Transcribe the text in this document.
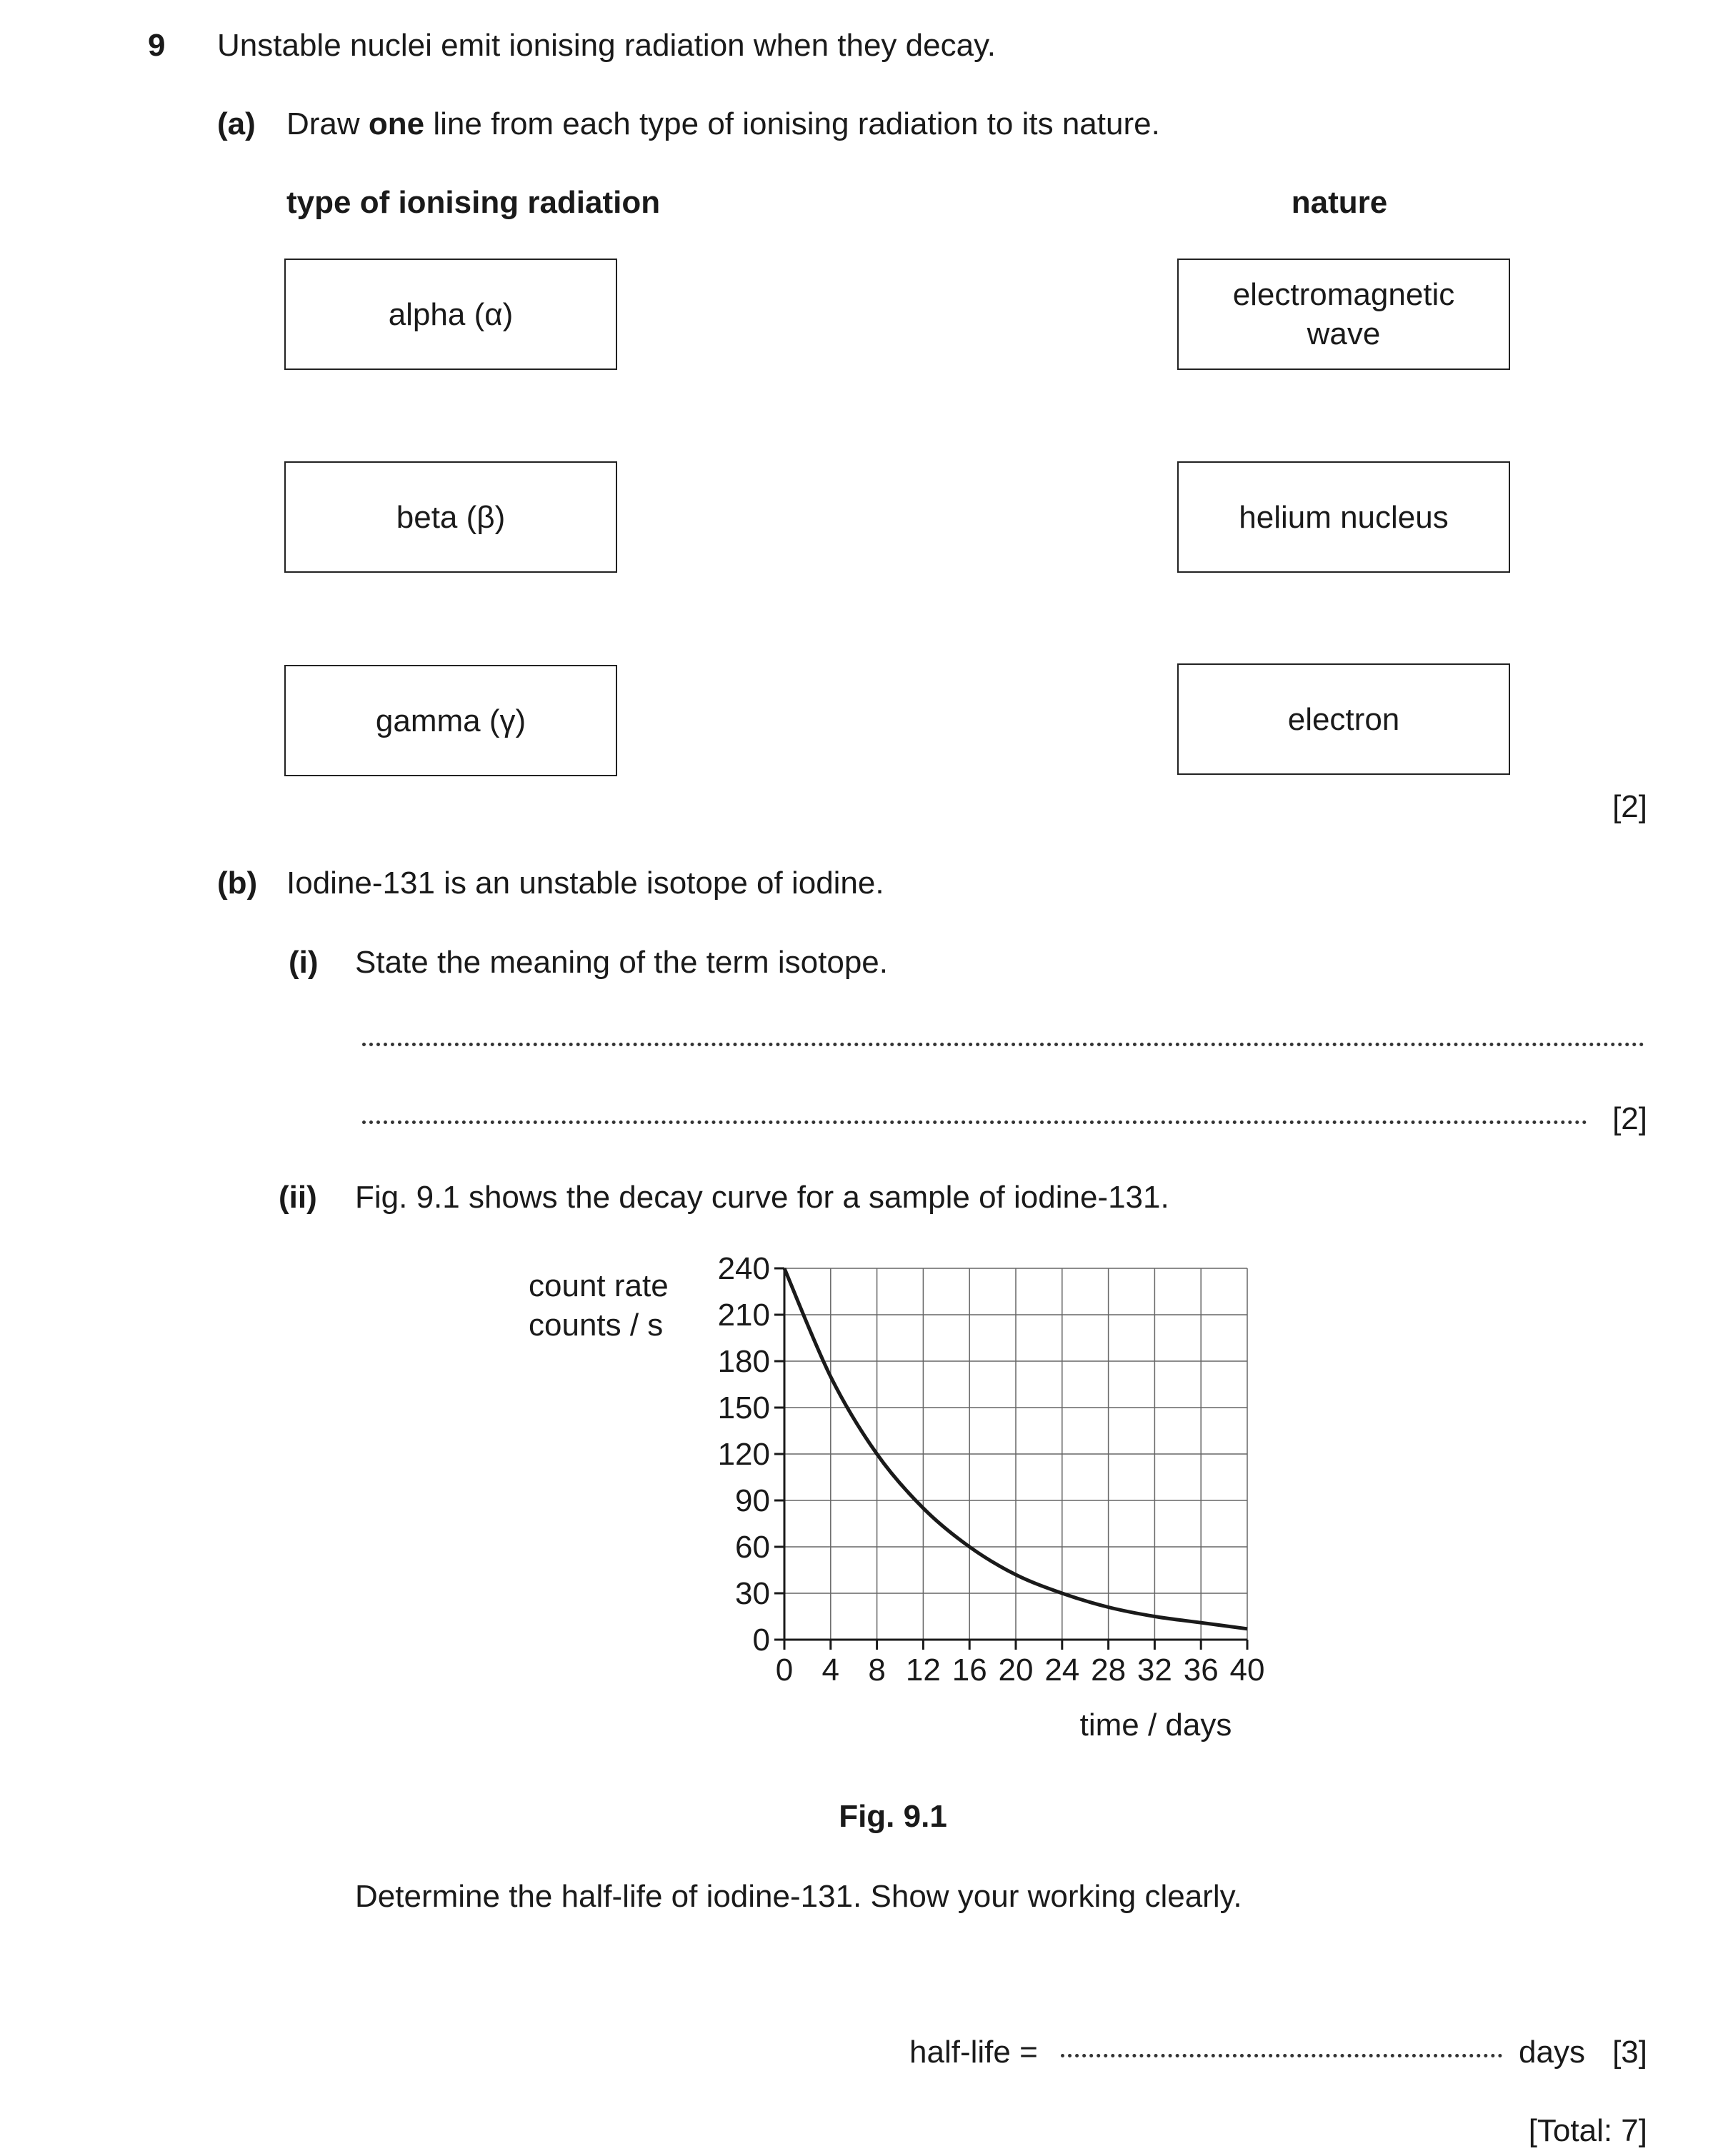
9 Unstable nuclei emit ionising radiation when they decay.
(a) Draw one line from each type of ionising radiation to its nature.
type of ionising radiation	nature
alpha (α)
beta (β)
gamma (γ)
electromagnetic
wave
helium nucleus
electron
[2]
(b) Iodine-131 is an unstable isotope of iodine.
(i) State the meaning of the term isotope.
[2]
(ii) Fig. 9.1 shows the decay curve for a sample of iodine-131.
0
30
60
90
120
150
180
210
240
0 4 8 12 16 20 24 28 32 36 40
count rate
counts / s
time / days
Fig. 9.1
Determine the half-life of iodine-131. Show your working clearly.
half-life =	days [3]
[Total: 7]
